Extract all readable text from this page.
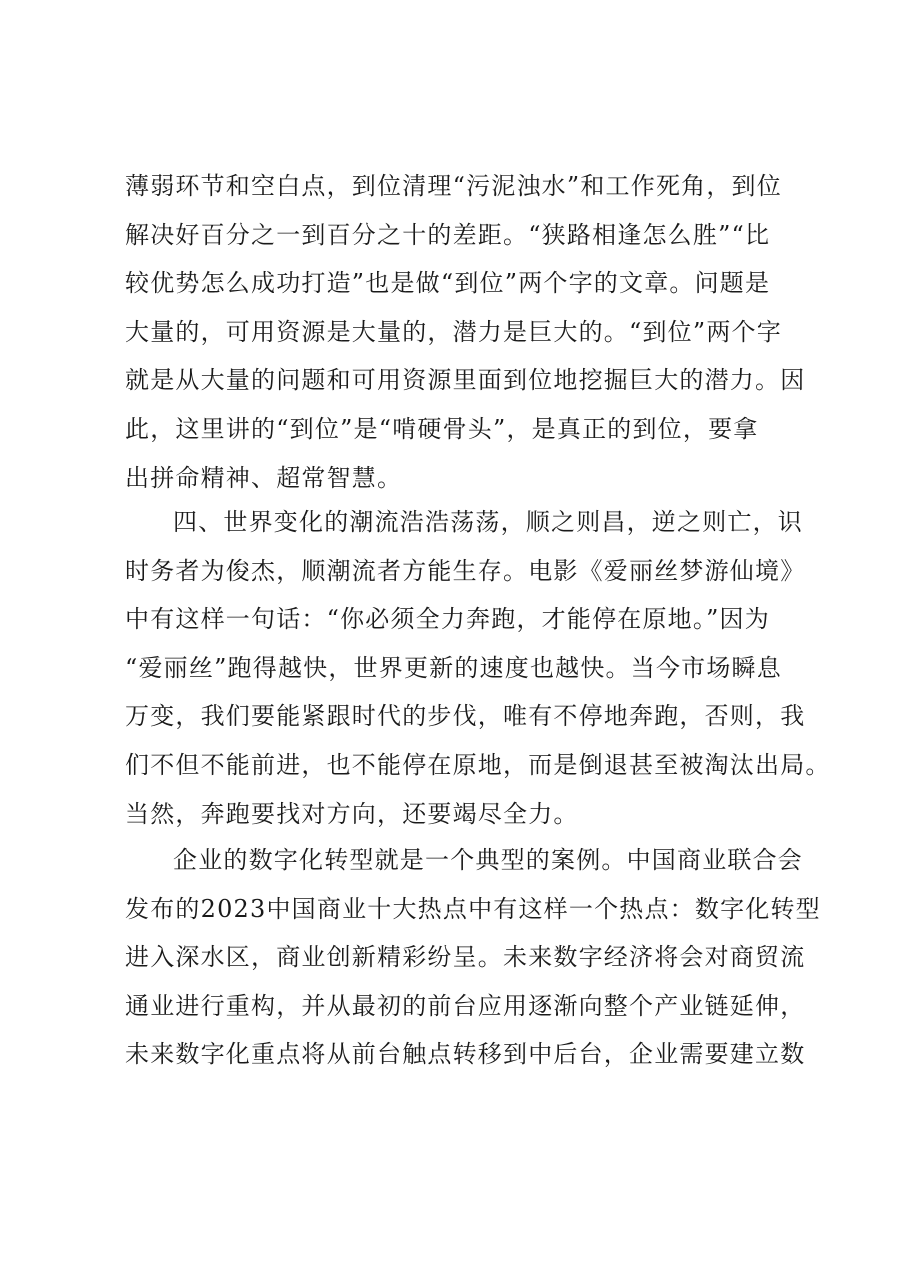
薄弱环节和空白点，到位清理“污泥浊水”和工作死角，到位
解决好百分之一到百分之十的差距。“狭路相逢怎么胜”“比
较优势怎么成功打造”也是做“到位”两个字的文章。问题是
大量的，可用资源是大量的，潜力是巨大的。“到位”两个字
就是从大量的问题和可用资源里面到位地挖掘巨大的潜力。因
此，这里讲的“到位”是“啃硬骨头”，是真正的到位，要拿
出拼命精神、超常智慧。
四、世界变化的潮流浩浩荡荡，顺之则昌，逆之则亡，识
时务者为俊杰，顺潮流者方能生存。电影《爱丽丝梦游仙境》
中有这样一句话：“你必须全力奔跑，才能停在原地。”因为
“爱丽丝”跑得越快，世界更新的速度也越快。当今市场瞬息
万变，我们要能紧跟时代的步伐，唯有不停地奔跑，否则，我
们不但不能前进，也不能停在原地，而是倒退甚至被淘汰出局。
当然，奔跑要找对方向，还要竭尽全力。
企业的数字化转型就是一个典型的案例。中国商业联合会
发布的2023中国商业十大热点中有这样一个热点：数字化转型
进入深水区，商业创新精彩纷呈。未来数字经济将会对商贸流
通业进行重构，并从最初的前台应用逐渐向整个产业链延伸，
未来数字化重点将从前台触点转移到中后台，企业需要建立数
